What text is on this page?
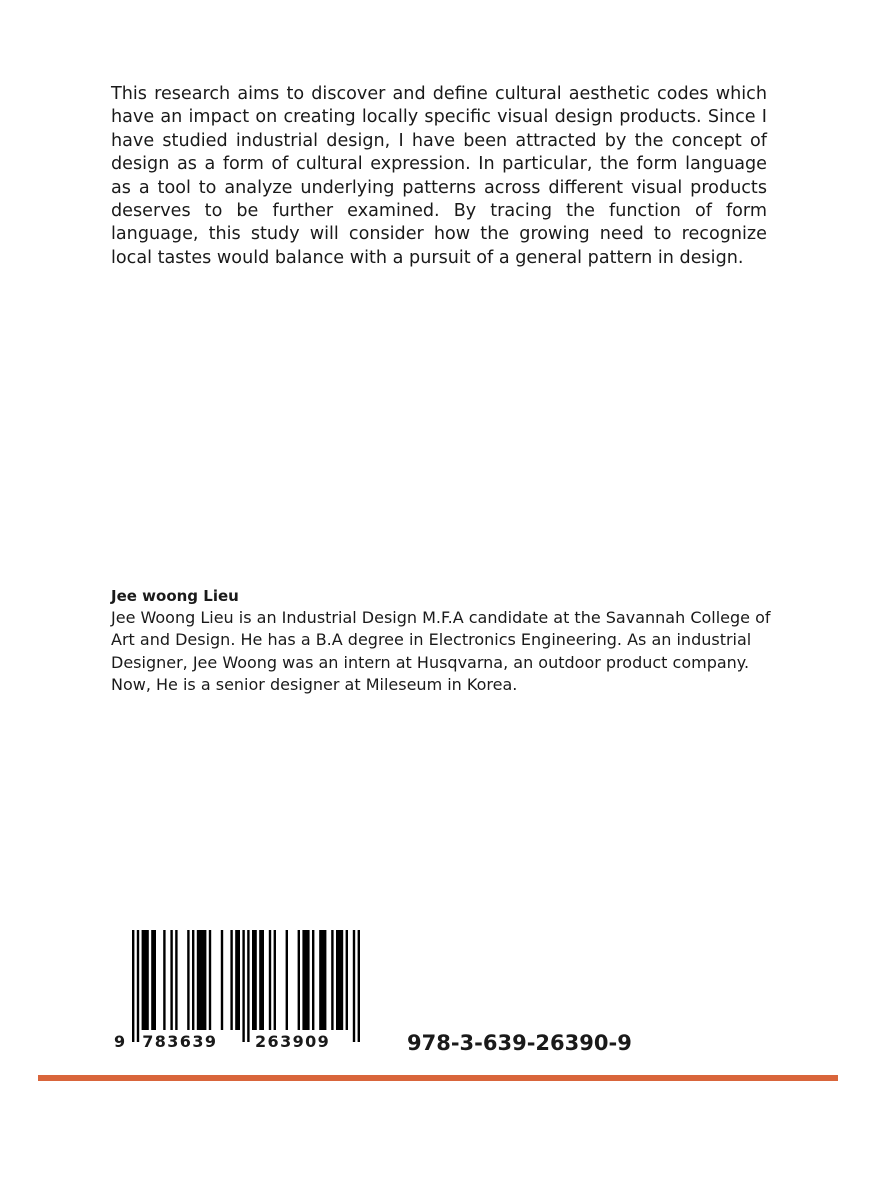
This research aims to discover and define cultural aesthetic codes which have an impact on creating locally specific visual design products. Since I have studied industrial design, I have been attracted by the concept of design as a form of cultural expression. In particular, the form language as a tool to analyze underlying patterns across different visual products deserves to be further examined. By tracing the function of form language, this study will consider how the growing need to recognize local tastes would balance with a pursuit of a general pattern in design.

Jee woong Lieu

Jee Woong Lieu is an Industrial Design M.F.A candidate at the Savannah College of Art and Design. He has a B.A degree in Electronics Engineering. As an industrial Designer, Jee Woong was an intern at Husqvarna, an outdoor product company. Now, He is a senior designer at Mileseum in Korea.

9 783639 263909	978-3-639-26390-9
